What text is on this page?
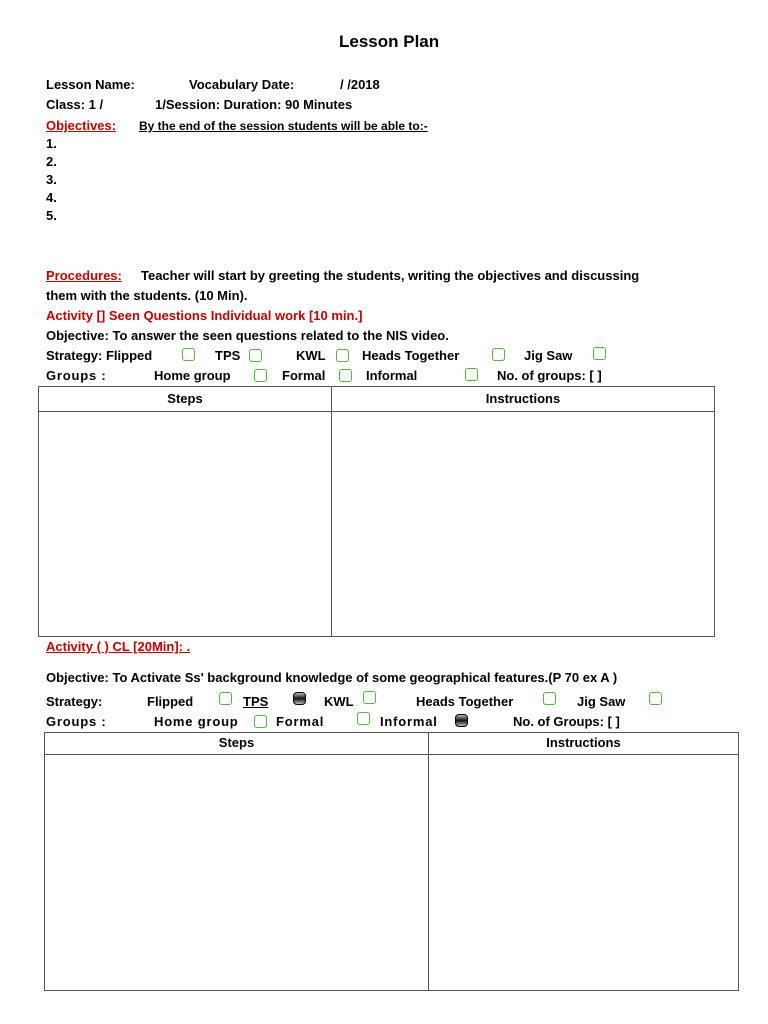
Lesson Plan
Lesson Name:	Vocabulary Date:	/ /2018
Class: 1 /	1/Session: Duration: 90 Minutes
Objectives: By the end of the session students will be able to:-
1.
2.
3.
4.
5.
Procedures: Teacher will start by greeting the students, writing the objectives and discussing
them with the students. (10 Min).
Activity [] Seen Questions Individual work [10 min.]
Objective: To answer the seen questions related to the NIS video.
Strategy: Flipped	TPS	KWL	Heads Together	Jig Saw
Groups :	Home group	Formal	Informal	No. of groups: [ ]
Steps	Instructions
Activity ( ) CL [20Min]: .
Objective: To Activate Ss' background knowledge of some geographical features.(P 70 ex A )
Strategy:	Flipped	TPS	KWL	Heads Together	Jig Saw
Groups :	Home group	Formal	Informal	No. of Groups: [ ]
Steps	Instructions
